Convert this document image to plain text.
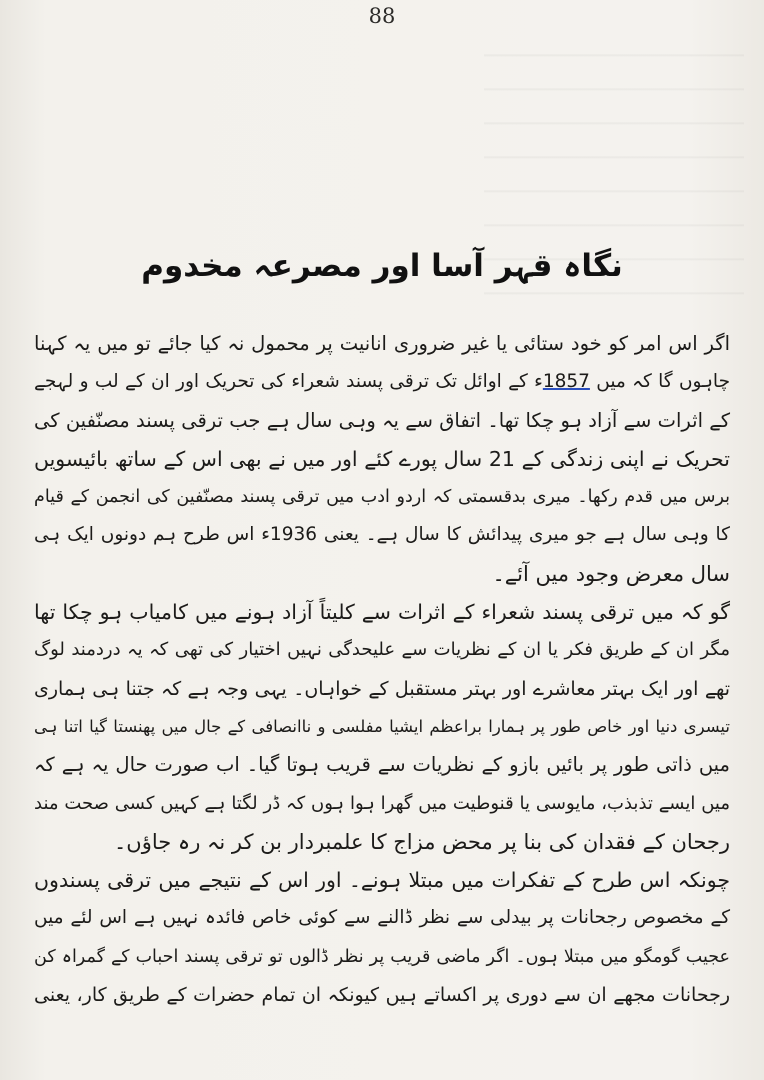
88
نگاہ قہر آسا اور مصرعہ مخدوم
اگر اس امر کو خود ستائی یا غیر ضروری انانیت پر محمول نہ کیا جائے تو میں یہ کہنا
چاہوں گا کہ میں 1857ء کے اوائل تک ترقی پسند شعراء کی تحریک اور ان کے لب و لہجے
کے اثرات سے آزاد ہو چکا تھا۔ اتفاق سے یہ وہی سال ہے جب ترقی پسند مصنّفین کی
تحریک نے اپنی زندگی کے 21 سال پورے کئے اور میں نے بھی اس کے ساتھ بائیسویں
برس میں قدم رکھا۔ میری بدقسمتی کہ اردو ادب میں ترقی پسند مصنّفین کی انجمن کے قیام
کا وہی سال ہے جو میری پیدائش کا سال ہے۔ یعنی 1936ء اس طرح ہم دونوں ایک ہی
سال معرض وجود میں آئے۔
گو کہ میں ترقی پسند شعراء کے اثرات سے کلیتاً آزاد ہونے میں کامیاب ہو چکا تھا
مگر ان کے طریق فکر یا ان کے نظریات سے علیحدگی نہیں اختیار کی تھی کہ یہ دردمند لوگ
تھے اور ایک بہتر معاشرے اور بہتر مستقبل کے خواہاں۔ یہی وجہ ہے کہ جتنا ہی ہماری
تیسری دنیا اور خاص طور پر ہمارا براعظم ایشیا مفلسی و ناانصافی کے جال میں پھنستا گیا اتنا ہی
میں ذاتی طور پر بائیں بازو کے نظریات سے قریب ہوتا گیا۔ اب صورت حال یہ ہے کہ
میں ایسے تذبذب، مایوسی یا قنوطیت میں گھرا ہوا ہوں کہ ڈر لگتا ہے کہیں کسی صحت مند
رجحان کے فقدان کی بنا پر محض مزاج کا علمبردار بن کر نہ رہ جاؤں۔
چونکہ اس طرح کے تفکرات میں مبتلا ہونے۔ اور اس کے نتیجے میں ترقی پسندوں
کے مخصوص رجحانات پر بیدلی سے نظر ڈالنے سے کوئی خاص فائدہ نہیں ہے اس لئے میں
عجیب گومگو میں مبتلا ہوں۔ اگر ماضی قریب پر نظر ڈالوں تو ترقی پسند احباب کے گمراہ کن
رجحانات مجھے ان سے دوری پر اکساتے ہیں کیونکہ ان تمام حضرات کے طریق کار، یعنی
